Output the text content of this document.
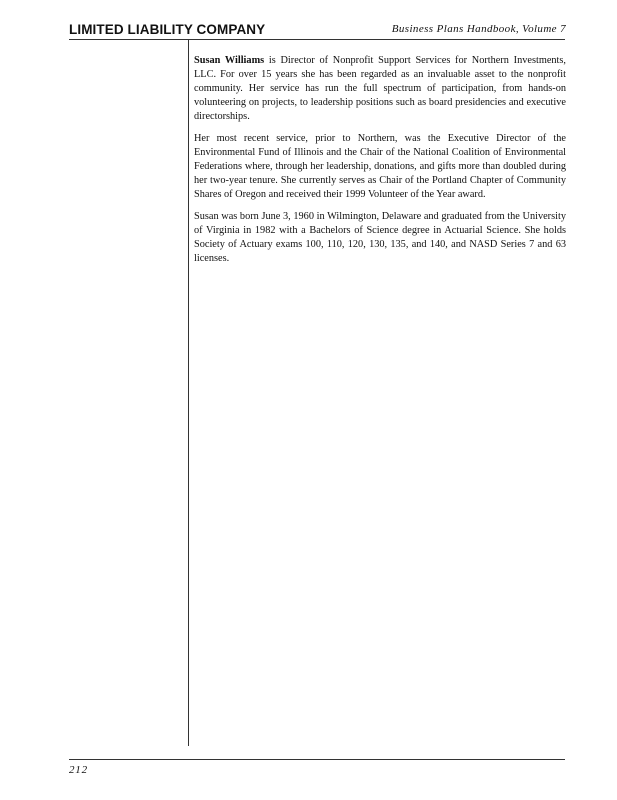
LIMITED LIABILITY COMPANY	Business Plans Handbook, Volume 7

Susan Williams is Director of Nonprofit Support Services for Northern Investments, LLC. For over 15 years she has been regarded as an invaluable asset to the nonprofit community. Her service has run the full spectrum of participation, from hands-on volunteering on projects, to leadership positions such as board presidencies and executive directorships.

Her most recent service, prior to Northern, was the Executive Director of the Environmental Fund of Illinois and the Chair of the National Coalition of Environmental Federations where, through her leadership, donations, and gifts more than doubled during her two-year tenure. She currently serves as Chair of the Portland Chapter of Community Shares of Oregon and received their 1999 Volunteer of the Year award.

Susan was born June 3, 1960 in Wilmington, Delaware and graduated from the University of Virginia in 1982 with a Bachelors of Science degree in Actuarial Science. She holds Society of Actuary exams 100, 110, 120, 130, 135, and 140, and NASD Series 7 and 63 licenses.

212
